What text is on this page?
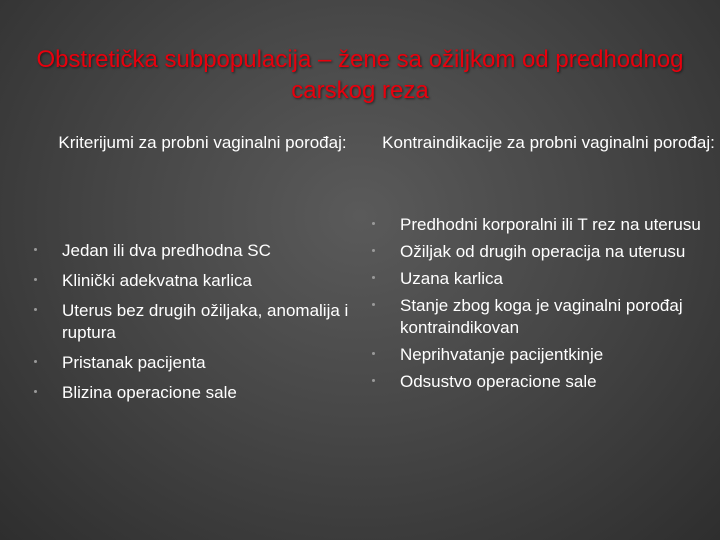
Obstretička subpopulacija – žene sa ožiljkom od predhodnog carskog reza
Kriterijumi za probni vaginalni porođaj:	Kontraindikacije za probni vaginalni porođaj:
Jedan ili dva predhodna SC
Klinički adekvatna karlica
Uterus bez drugih ožiljaka, anomalija i ruptura
Pristanak pacijenta
Blizina operacione sale
Predhodni korporalni ili T rez na uterusu
Ožiljak od drugih operacija na uterusu
Uzana karlica
Stanje zbog koga je vaginalni porođaj kontraindikovan
Neprihvatanje pacijentkinje
Odsustvo operacione sale
